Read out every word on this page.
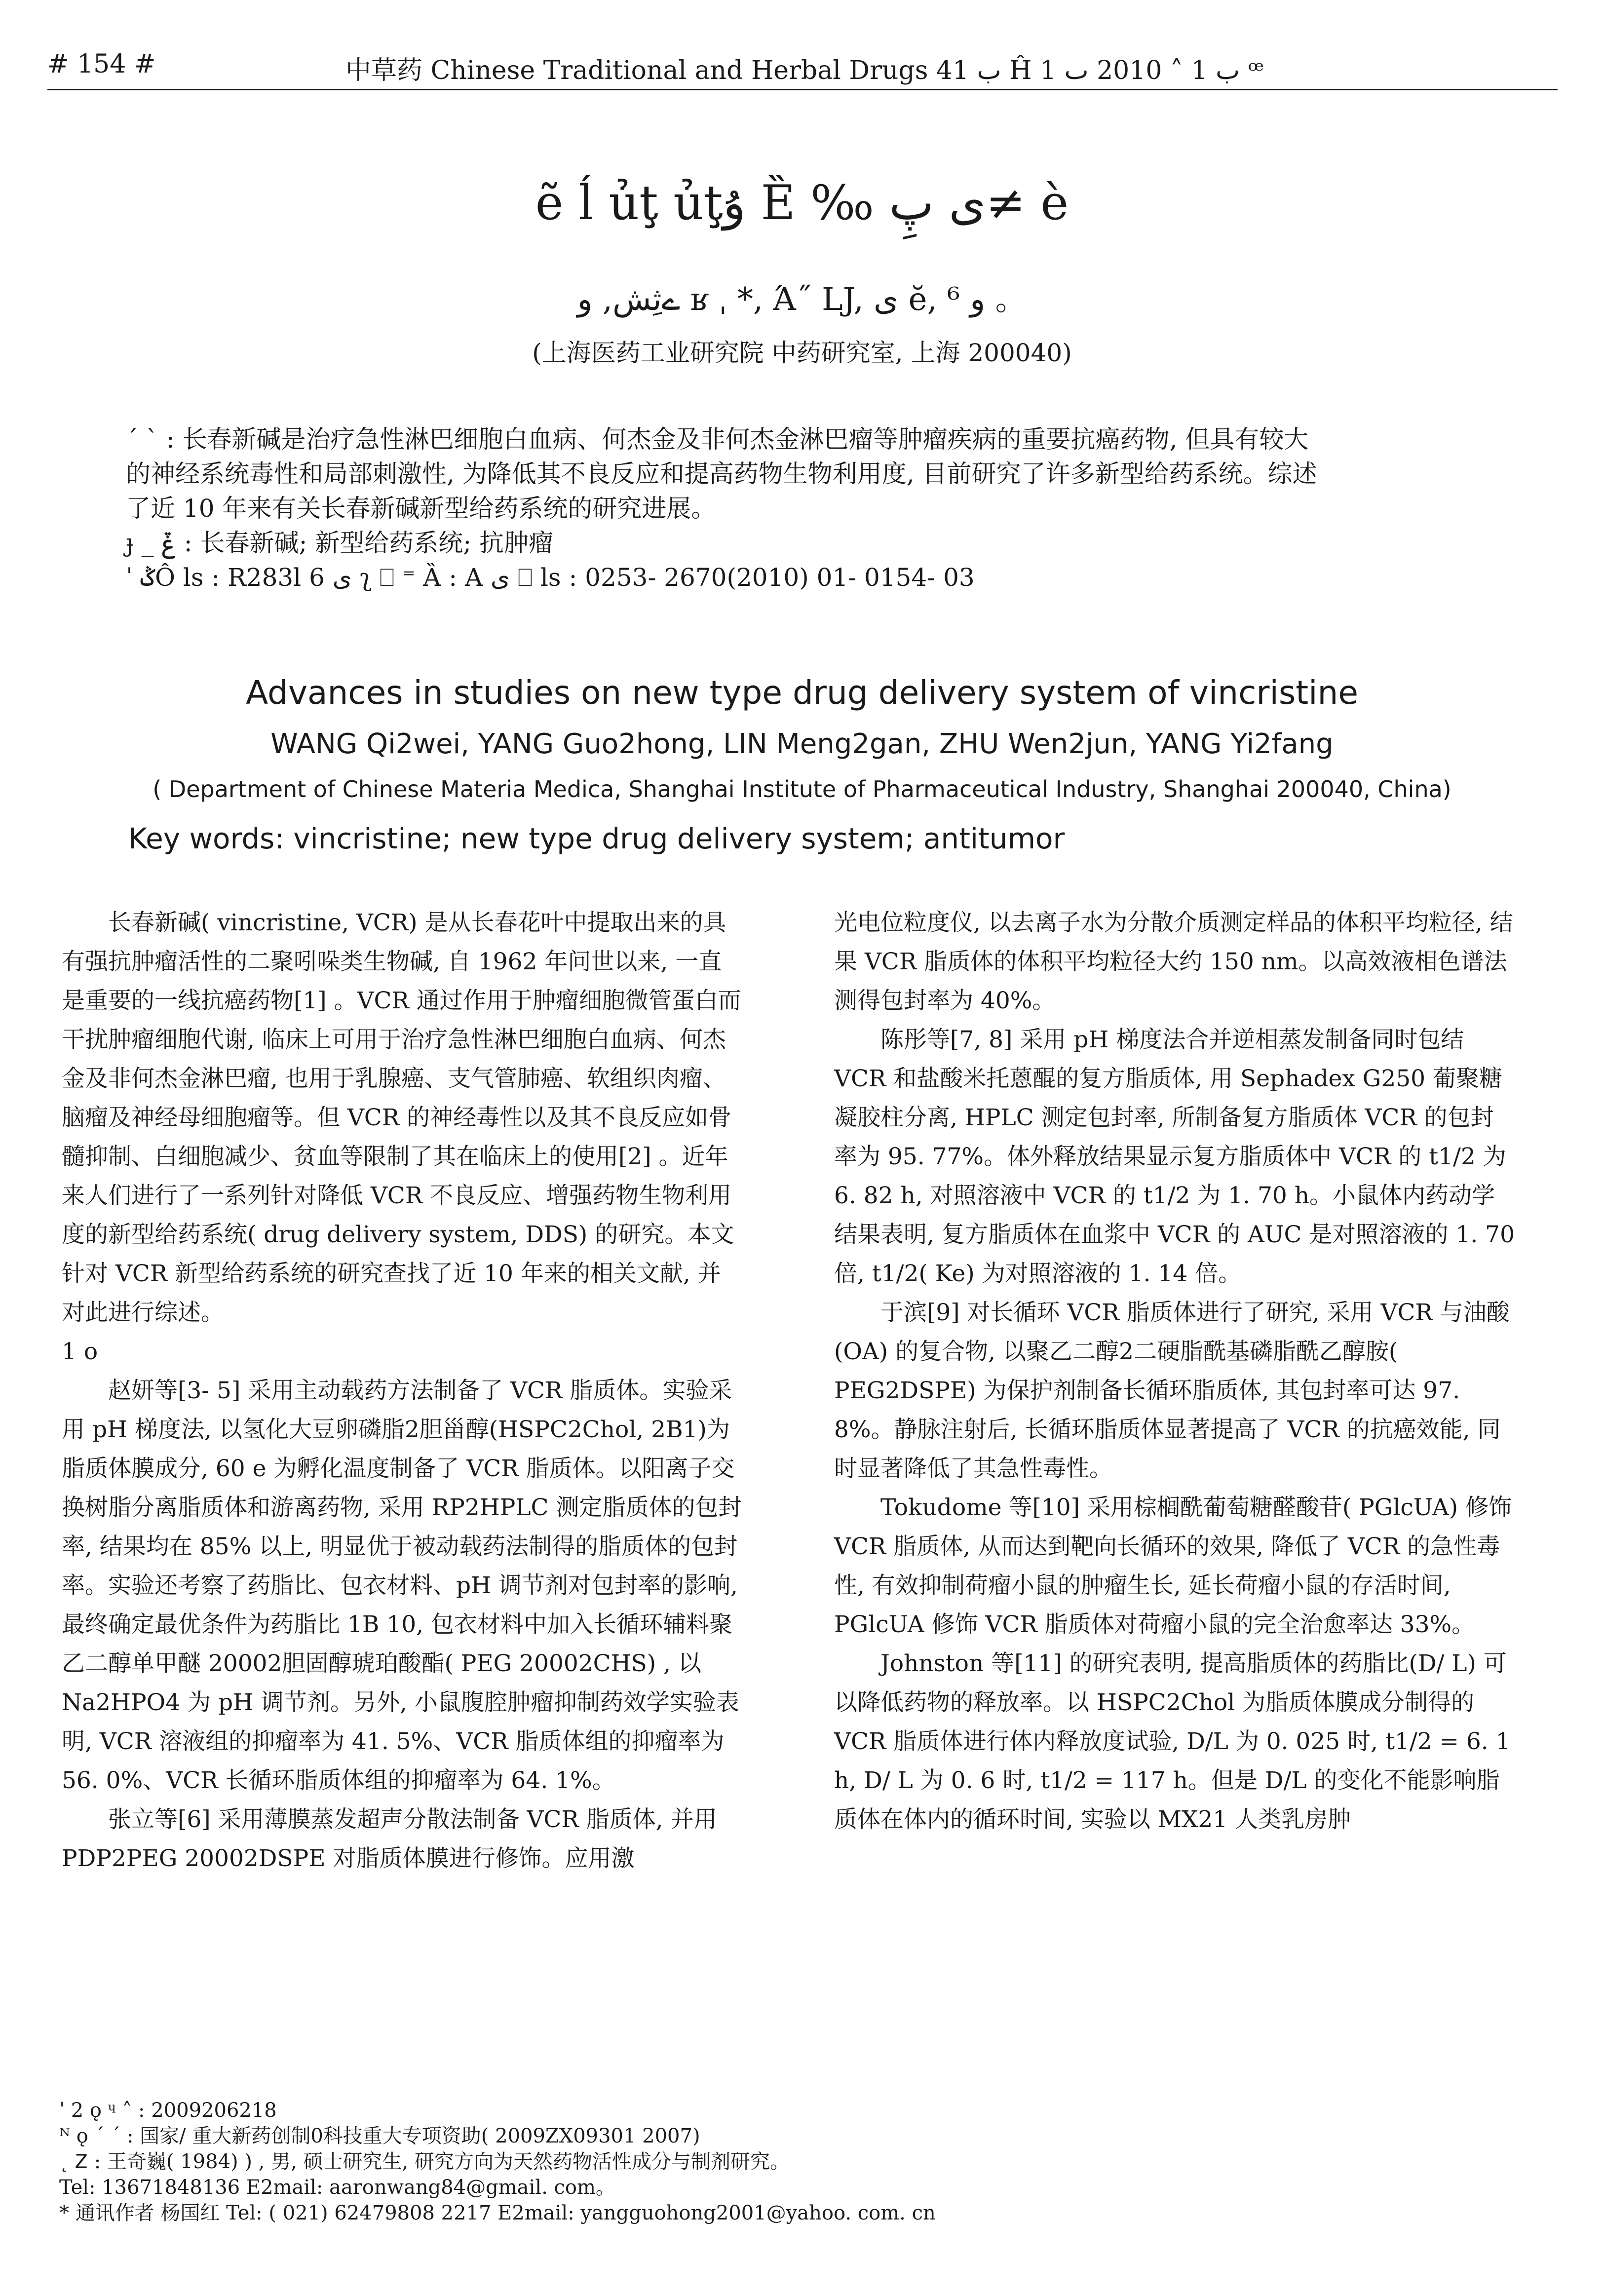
# 154 #	中草药 Chinese Traditional and Herbal Drugs ب 41 Ĥ ب 1 ˄ 2010 ٮ 1 ꟹ
ẽ ĺ ủţ ủţۇ Ȅ ‰ ی پِ≠ è
ےثِش, و ʁ ˌ *, Ά˝ LJ, ی ĕ, و ⁶ 。
(上海医药工业研究院 中药研究室, 上海 200040)
ˊ ˋ : 长春新碱是治疗急性淋巴细胞白血病、何杰金及非何杰金淋巴瘤等肿瘤疾病的重要抗癌药物, 但具有较大
的神经系统毒性和局部刺激性, 为降低其不良反应和提高药物生物利用度, 目前研究了许多新型给药系统。综述
了近 10 年来有关长春新碱新型给药系统的研究进展。
ɟ _ ݞ : 长春新碱; 新型给药系统; 抗肿瘤
ˈ ݣÔ ls : R283l 6 ی ʅ ⎕ ⁼ Ȁ : A ی ⎕ ls : 0253- 2670(2010) 01- 0154- 03
Advances in studies on new type drug delivery system of vincristine
WANG Qi2wei, YANG Guo2hong, LIN Meng2gan, ZHU Wen2jun, YANG Yi2fang
( Department of Chinese Materia Medica, Shanghai Institute of Pharmaceutical Industry, Shanghai 200040, China)
Key words: vincristine; new type drug delivery system; antitumor

长春新碱( vincristine, VCR) 是从长春花叶中提取出来的具有强抗肿瘤活性的二聚吲哚类生物碱, 自 1962 年问世以来, 一直是重要的一线抗癌药物[1] 。VCR 通过作用于肿瘤细胞微管蛋白而干扰肿瘤细胞代谢, 临床上可用于治疗急性淋巴细胞白血病、何杰金及非何杰金淋巴瘤, 也用于乳腺癌、支气管肺癌、软组织肉瘤、脑瘤及神经母细胞瘤等。但 VCR 的神经毒性以及其不良反应如骨髓抑制、白细胞减少、贫血等限制了其在临床上的使用[2] 。近年来人们进行了一系列针对降低 VCR 不良反应、增强药物生物利用度的新型给药系统( drug delivery system, DDS) 的研究。本文针对 VCR 新型给药系统的研究查找了近 10 年来的相关文献, 并对此进行综述。

1 o

赵妍等[3- 5] 采用主动载药方法制备了 VCR 脂质体。实验采用 pH 梯度法, 以氢化大豆卵磷脂2胆甾醇(HSPC2Chol, 2B1)为脂质体膜成分, 60 e 为孵化温度制备了 VCR 脂质体。以阳离子交换树脂分离脂质体和游离药物, 采用 RP2HPLC 测定脂质体的包封率, 结果均在 85% 以上, 明显优于被动载药法制得的脂质体的包封率。实验还考察了药脂比、包衣材料、pH 调节剂对包封率的影响, 最终确定最优条件为药脂比 1B 10, 包衣材料中加入长循环辅料聚乙二醇单甲醚 20002胆固醇琥珀酸酯( PEG 20002CHS) , 以 Na2HPO4 为 pH 调节剂。另外, 小鼠腹腔肿瘤抑制药效学实验表明, VCR 溶液组的抑瘤率为 41. 5%、VCR 脂质体组的抑瘤率为 56. 0%、VCR 长循环脂质体组的抑瘤率为 64. 1%。

张立等[6] 采用薄膜蒸发超声分散法制备 VCR 脂质体, 并用 PDP2PEG 20002DSPE 对脂质体膜进行修饰。应用激

光电位粒度仪, 以去离子水为分散介质测定样品的体积平均粒径, 结果 VCR 脂质体的体积平均粒径大约 150 nm。以高效液相色谱法测得包封率为 40%。

陈彤等[7, 8] 采用 pH 梯度法合并逆相蒸发制备同时包结 VCR 和盐酸米托蒽醌的复方脂质体, 用 Sephadex G250 葡聚糖凝胶柱分离, HPLC 测定包封率, 所制备复方脂质体 VCR 的包封率为 95. 77%。体外释放结果显示复方脂质体中 VCR 的 t1/2 为 6. 82 h, 对照溶液中 VCR 的 t1/2 为 1. 70 h。小鼠体内药动学结果表明, 复方脂质体在血浆中 VCR 的 AUC 是对照溶液的 1. 70 倍, t1/2( Ke) 为对照溶液的 1. 14 倍。

于滨[9] 对长循环 VCR 脂质体进行了研究, 采用 VCR 与油酸(OA) 的复合物, 以聚乙二醇2二硬脂酰基磷脂酰乙醇胺( PEG2DSPE) 为保护剂制备长循环脂质体, 其包封率可达 97. 8%。静脉注射后, 长循环脂质体显著提高了 VCR 的抗癌效能, 同时显著降低了其急性毒性。

Tokudome 等[10] 采用棕榈酰葡萄糖醛酸苷( PGlcUA) 修饰 VCR 脂质体, 从而达到靶向长循环的效果, 降低了 VCR 的急性毒性, 有效抑制荷瘤小鼠的肿瘤生长, 延长荷瘤小鼠的存活时间, PGlcUA 修饰 VCR 脂质体对荷瘤小鼠的完全治愈率达 33%。

Johnston 等[11] 的研究表明, 提高脂质体的药脂比(D/ L) 可以降低药物的释放率。以 HSPC2Chol 为脂质体膜成分制得的 VCR 脂质体进行体内释放度试验, D/L 为 0. 025 时, t1/2 = 6. 1 h, D/ L 为 0. 6 时, t1/2 = 117 h。但是 D/L 的变化不能影响脂质体在体内的循环时间, 实验以 MX21 人类乳房肿

ˈ 2 ǫ ᶣ ˄ : 2009206218
ᴺ ǫ ˊ ˊ : 国家/ 重大新药创制0科技重大专项资助( 2009ZX09301 2007)
˛ Ꮓ : 王奇巍( 1984) ) , 男, 硕士研究生, 研究方向为天然药物活性成分与制剂研究。
Tel: 13671848136 E2mail: aaronwang84@gmail. com。
* 通讯作者 杨国红 Tel: ( 021) 62479808 2217 E2mail: yangguohong2001@yahoo. com. cn
